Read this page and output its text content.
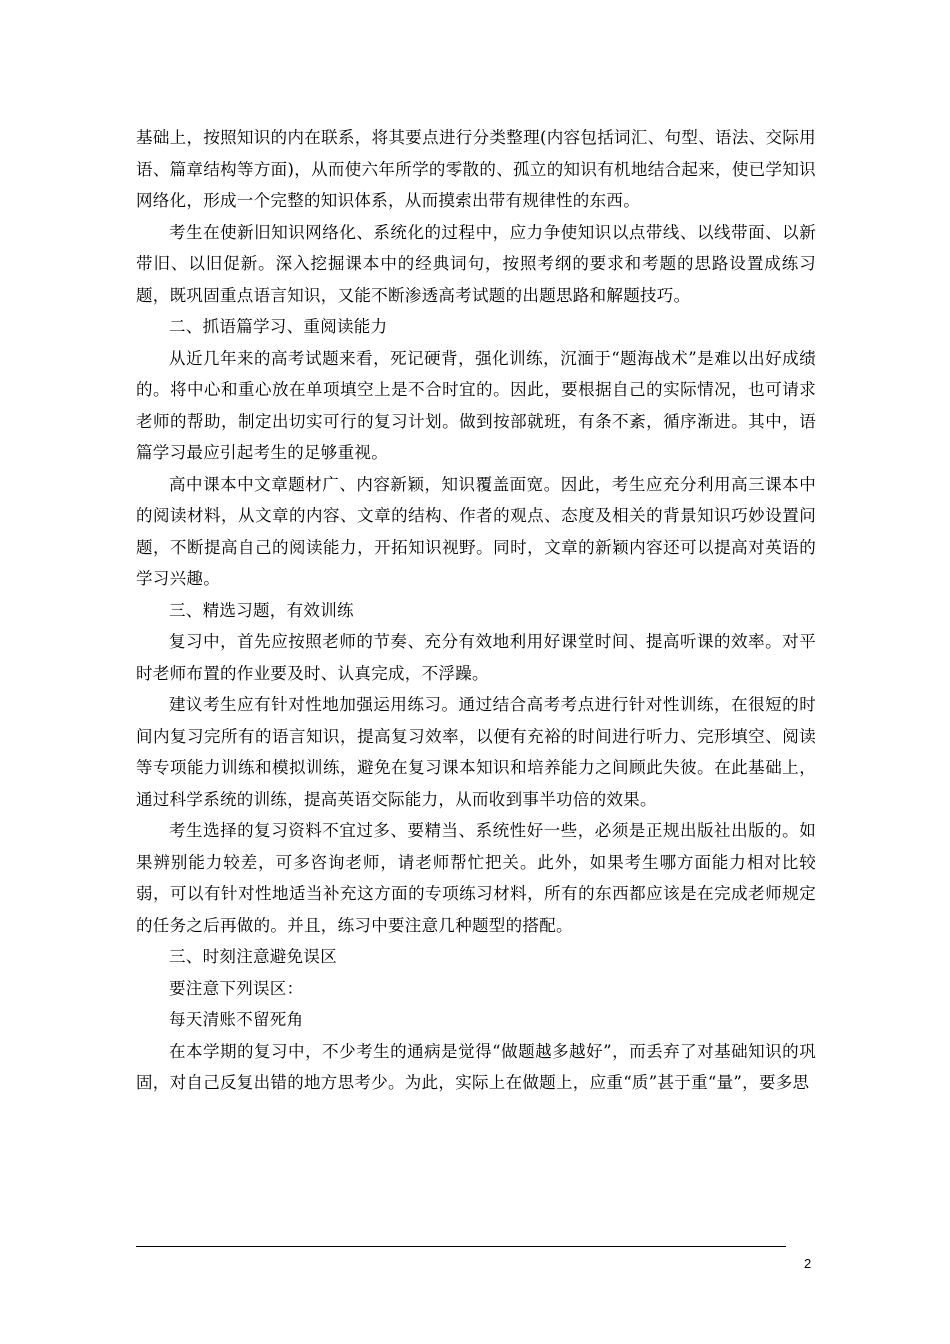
基础上，按照知识的内在联系，将其要点进行分类整理(内容包括词汇、句型、语法、交际用语、篇章结构等方面)，从而使六年所学的零散的、孤立的知识有机地结合起来，使已学知识网络化，形成一个完整的知识体系，从而摸索出带有规律性的东西。

考生在使新旧知识网络化、系统化的过程中，应力争使知识以点带线、以线带面、以新带旧、以旧促新。深入挖掘课本中的经典词句，按照考纲的要求和考题的思路设置成练习题，既巩固重点语言知识，又能不断渗透高考试题的出题思路和解题技巧。

二、抓语篇学习、重阅读能力

从近几年来的高考试题来看，死记硬背，强化训练，沉湎于“题海战术”是难以出好成绩的。将中心和重心放在单项填空上是不合时宜的。因此，要根据自己的实际情况，也可请求老师的帮助，制定出切实可行的复习计划。做到按部就班，有条不紊，循序渐进。其中，语篇学习最应引起考生的足够重视。

高中课本中文章题材广、内容新颖，知识覆盖面宽。因此，考生应充分利用高三课本中的阅读材料，从文章的内容、文章的结构、作者的观点、态度及相关的背景知识巧妙设置问题，不断提高自己的阅读能力，开拓知识视野。同时，文章的新颖内容还可以提高对英语的学习兴趣。

三、精选习题，有效训练

复习中，首先应按照老师的节奏、充分有效地利用好课堂时间、提高听课的效率。对平时老师布置的作业要及时、认真完成，不浮躁。

建议考生应有针对性地加强运用练习。通过结合高考考点进行针对性训练，在很短的时间内复习完所有的语言知识，提高复习效率，以便有充裕的时间进行听力、完形填空、阅读等专项能力训练和模拟训练，避免在复习课本知识和培养能力之间顾此失彼。在此基础上，通过科学系统的训练，提高英语交际能力，从而收到事半功倍的效果。

考生选择的复习资料不宜过多、要精当、系统性好一些，必须是正规出版社出版的。如果辨别能力较差，可多咨询老师，请老师帮忙把关。此外，如果考生哪方面能力相对比较弱，可以有针对性地适当补充这方面的专项练习材料，所有的东西都应该是在完成老师规定的任务之后再做的。并且，练习中要注意几种题型的搭配。

三、时刻注意避免误区

要注意下列误区：

每天清账不留死角

在本学期的复习中，不少考生的通病是觉得“做题越多越好”，而丢弃了对基础知识的巩固，对自己反复出错的地方思考少。为此，实际上在做题上，应重“质”甚于重“量”，要多思

2
